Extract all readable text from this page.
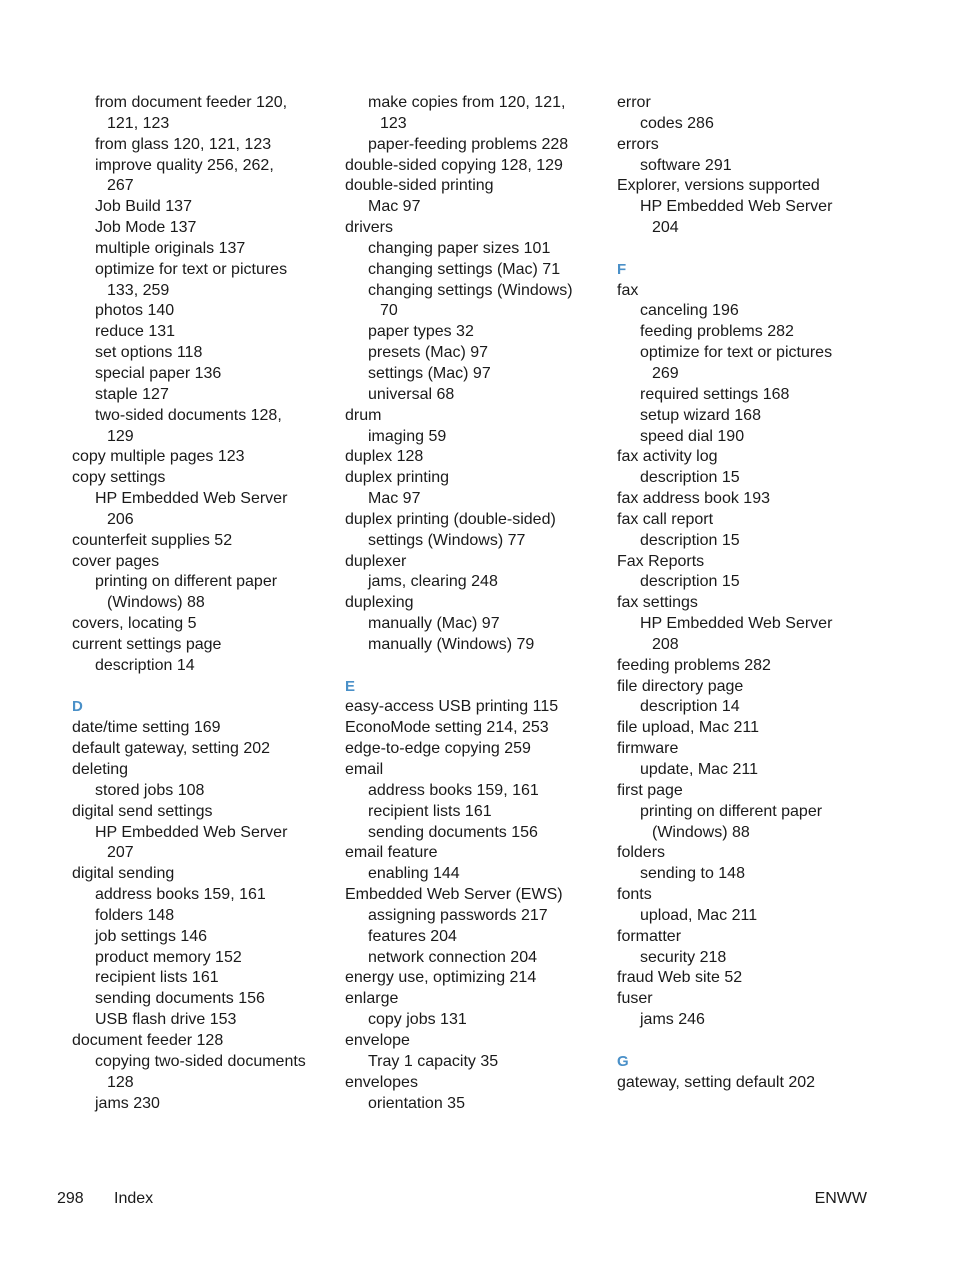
from document feeder 120,
121, 123
from glass 120, 121, 123
improve quality 256, 262,
267
Job Build 137
Job Mode 137
multiple originals 137
optimize for text or pictures
133, 259
photos 140
reduce 131
set options 118
special paper 136
staple 127
two-sided documents 128,
129
copy multiple pages 123
copy settings
HP Embedded Web Server
206
counterfeit supplies 52
cover pages
printing on different paper
(Windows) 88
covers, locating 5
current settings page
description 14
D
date/time setting 169
default gateway, setting 202
deleting
stored jobs 108
digital send settings
HP Embedded Web Server
207
digital sending
address books 159, 161
folders 148
job settings 146
product memory 152
recipient lists 161
sending documents 156
USB flash drive 153
document feeder 128
copying two-sided documents
128
jams 230
make copies from 120, 121,
123
paper-feeding problems 228
double-sided copying 128, 129
double-sided printing
Mac 97
drivers
changing paper sizes 101
changing settings (Mac) 71
changing settings (Windows)
70
paper types 32
presets (Mac) 97
settings (Mac) 97
universal 68
drum
imaging 59
duplex 128
duplex printing
Mac 97
duplex printing (double-sided)
settings (Windows) 77
duplexer
jams, clearing 248
duplexing
manually (Mac) 97
manually (Windows) 79
E
easy-access USB printing 115
EconoMode setting 214, 253
edge-to-edge copying 259
email
address books 159, 161
recipient lists 161
sending documents 156
email feature
enabling 144
Embedded Web Server (EWS)
assigning passwords 217
features 204
network connection 204
energy use, optimizing 214
enlarge
copy jobs 131
envelope
Tray 1 capacity 35
envelopes
orientation 35
error
codes 286
errors
software 291
Explorer, versions supported
HP Embedded Web Server
204
F
fax
canceling 196
feeding problems 282
optimize for text or pictures
269
required settings 168
setup wizard 168
speed dial 190
fax activity log
description 15
fax address book 193
fax call report
description 15
Fax Reports
description 15
fax settings
HP Embedded Web Server
208
feeding problems 282
file directory page
description 14
file upload, Mac 211
firmware
update, Mac 211
first page
printing on different paper
(Windows) 88
folders
sending to 148
fonts
upload, Mac 211
formatter
security 218
fraud Web site 52
fuser
jams 246
G
gateway, setting default 202
298 Index	ENWW
